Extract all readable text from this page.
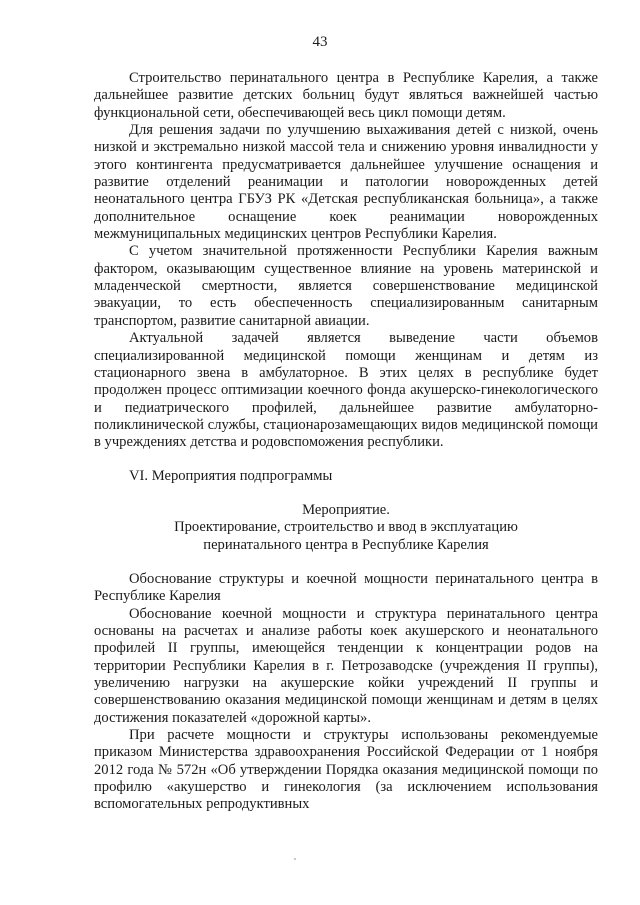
43

Строительство перинатального центра в Республике Карелия, а также дальнейшее развитие детских больниц будут являться важнейшей частью функциональной сети, обеспечивающей весь цикл помощи детям.

Для решения задачи по улучшению выхаживания детей с низкой, очень низкой и экстремально низкой массой тела и снижению уровня инвалидности у этого контингента предусматривается дальнейшее улучшение оснащения и развитие отделений реанимации и патологии новорожденных детей неонатального центра ГБУЗ РК «Детская республиканская больница», а также дополнительное оснащение коек реанимации новорожденных межмуниципальных медицинских центров Республики Карелия.

С учетом значительной протяженности Республики Карелия важным фактором, оказывающим существенное влияние на уровень материнской и младенческой смертности, является совершенствование медицинской эвакуации, то есть обеспеченность специализированным санитарным транспортом, развитие санитарной авиации.

Актуальной задачей является выведение части объемов специализированной медицинской помощи женщинам и детям из стационарного звена в амбулаторное. В этих целях в республике будет продолжен процесс оптимизации коечного фонда акушерско-гинекологического и педиатрического профилей, дальнейшее развитие амбулаторно-поликлинической службы, стационарозамещающих видов медицинской помощи в учреждениях детства и родовспоможения республики.

VI. Мероприятия подпрограммы

Мероприятие.
Проектирование, строительство и ввод в эксплуатацию
перинатального центра в Республике Карелия

Обоснование структуры и коечной мощности перинатального центра в Республике Карелия

Обоснование коечной мощности и структура перинатального центра основаны на расчетах и анализе работы коек акушерского и неонатального профилей II группы, имеющейся тенденции к концентрации родов на территории Республики Карелия в г. Петрозаводске (учреждения II группы), увеличению нагрузки на акушерские койки учреждений II группы и совершенствованию оказания медицинской помощи женщинам и детям в целях достижения показателей «дорожной карты».

При расчете мощности и структуры использованы рекомендуемые приказом Министерства здравоохранения Российской Федерации от 1 ноября 2012 года № 572н «Об утверждении Порядка оказания медицинской помощи по профилю «акушерство и гинекология (за исключением использования вспомогательных репродуктивных
